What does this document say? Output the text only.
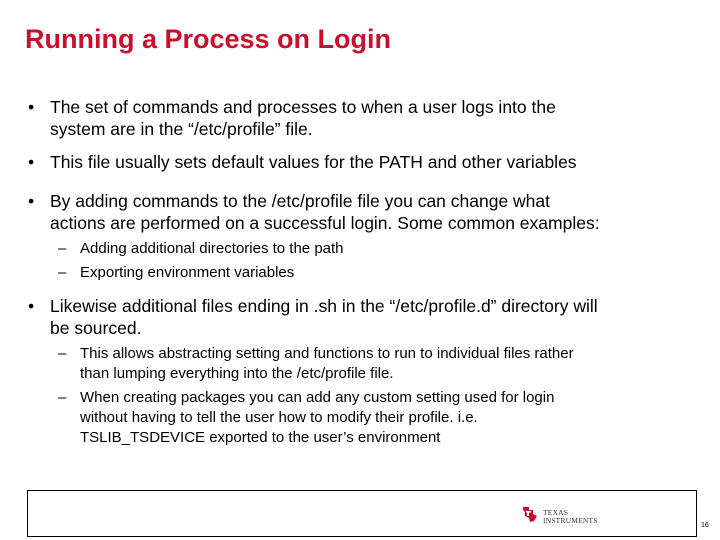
Running a Process on Login
• The set of commands and processes to when a user logs into the
system are in the “/etc/profile” file.
• This file usually sets default values for the PATH and other variables
• By adding commands to the /etc/profile file you can change what
actions are performed on a successful login. Some common examples:
– Adding additional directories to the path
– Exporting environment variables
• Likewise additional files ending in .sh in the “/etc/profile.d” directory will
be sourced.
– This allows abstracting setting and functions to run to individual files rather
than lumping everything into the /etc/profile file.
– When creating packages you can add any custom setting used for login
without having to tell the user how to modify their profile. i.e.
TSLIB_TSDEVICE exported to the user’s environment
TEXAS
INSTRUMENTS
16
